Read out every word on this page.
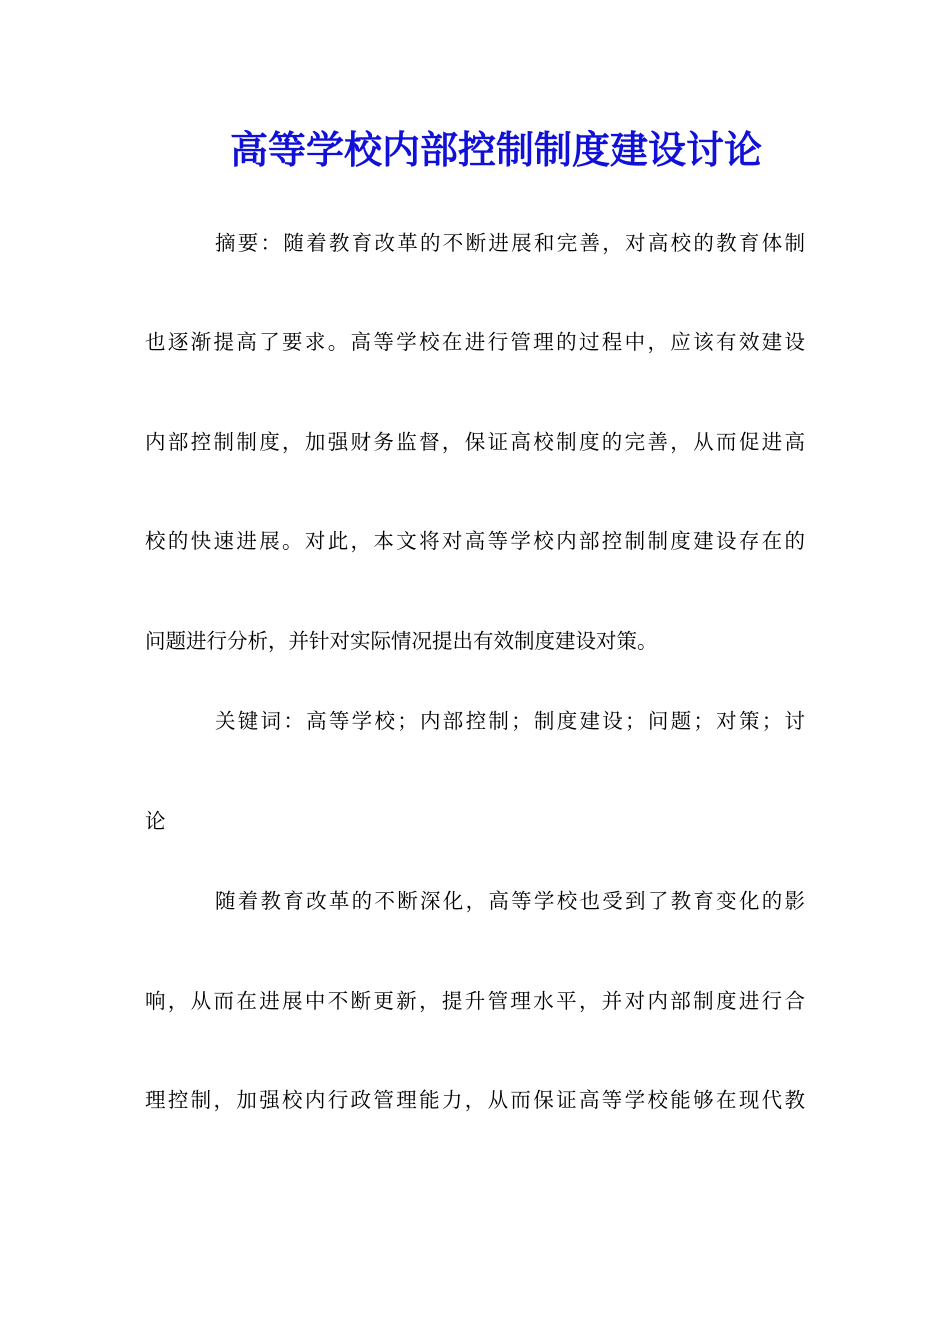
高等学校内部控制制度建设讨论

摘要：随着教育改革的不断进展和完善，对高校的教育体制

也逐渐提高了要求。高等学校在进行管理的过程中，应该有效建设

内部控制制度，加强财务监督，保证高校制度的完善，从而促进高

校的快速进展。对此，本文将对高等学校内部控制制度建设存在的

问题进行分析，并针对实际情况提出有效制度建设对策。

关键词：高等学校；内部控制；制度建设；问题；对策；讨

论

随着教育改革的不断深化，高等学校也受到了教育变化的影

响，从而在进展中不断更新，提升管理水平，并对内部制度进行合

理控制，加强校内行政管理能力，从而保证高等学校能够在现代教
